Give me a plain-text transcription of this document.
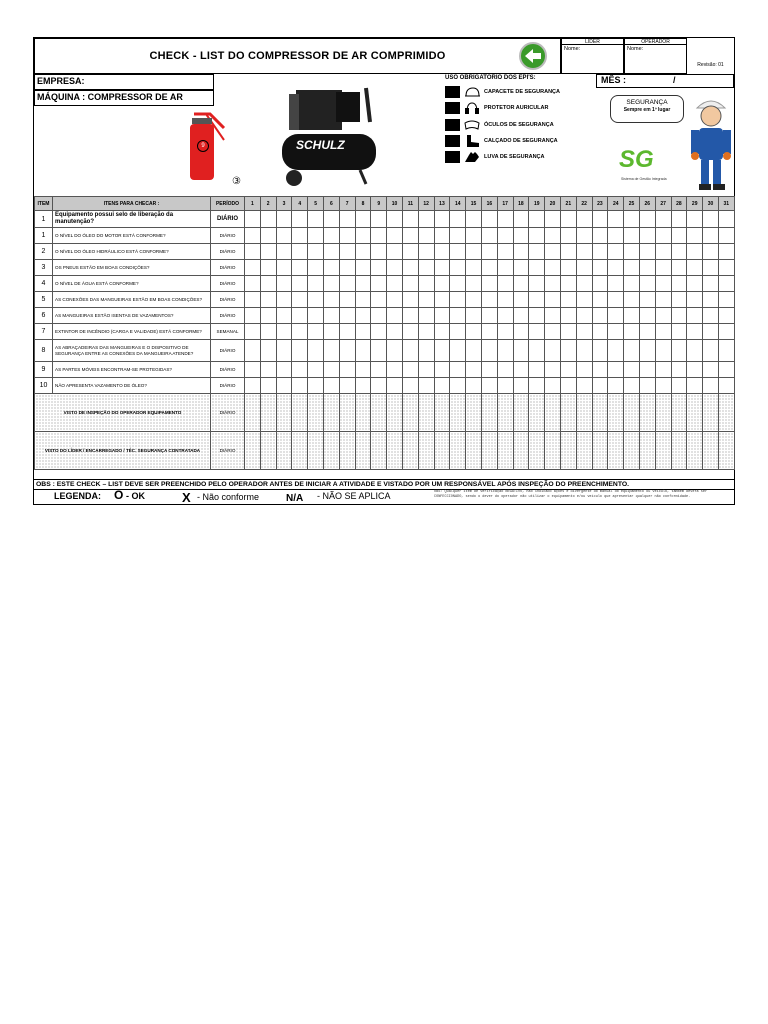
CHECK - LIST DO COMPRESSOR DE AR COMPRIMIDO
LÍDER	OPERADOR
Nome:	Nome:
Revisão: 01
EMPRESA:
MÁQUINA : COMPRESSOR DE AR
9
③
SCHULZ
USO OBRIGATÓRIO DOS EPI'S:
CAPACETE DE SEGURANÇA
PROTETOR AURICULAR
ÓCULOS DE SEGURANÇA
CALÇADO DE SEGURANÇA
LUVA DE SEGURANÇA
MÊS :	/
SEGURANÇA
Sempre em 1º lugar
SG
Sistema de Gestão Integrada
ITEM	ITENS PARA CHECAR :	PERÍODO	1	2	3	4	5	6	7	8	9	10	11	12	13	14	15	16	17	18	19	20	21	22	23	24	25	26	27	28	29	30	31
1	Equipamento possui selo de liberação da manutenção?	DIÁRIO																															
1	O NÍVEL DO ÓLEO DO MOTOR ESTÁ CONFORME?	DIÁRIO																															
2	O NÍVEL DO ÓLEO HIDRÁULICO ESTÁ CONFORME?	DIÁRIO																															
3	OS PNEUS ESTÃO EM BOAS CONDIÇÕES?	DIÁRIO																															
4	O NÍVEL DE ÁGUA ESTÁ CONFORME?	DIÁRIO																															
5	AS CONEXÕES DAS MANGUEIRAS ESTÃO EM BOAS CONDIÇÕES?	DIÁRIO																															
6	AS MANGUEIRAS ESTÃO ISENTAS DE VAZAMENTOS?	DIÁRIO																															
7	EXTINTOR DE INCÊNDIO (CARGA E VALIDADE) ESTÁ CONFORME?	SEMANAL																															
8	AS ABRAÇADEIRAS DAS MANGUEIRAS E O DISPOSITIVO DE SEGURANÇA ENTRE AS CONEXÕES DA MANGUEIRA ATENDE?	DIÁRIO																															
9	AS PARTES MÓVEIS ENCONTRAM-SE PROTEGIDAS?	DIÁRIO																															
10	NÃO APRESENTA VAZAMENTO DE ÓLEO?	DIÁRIO																															
VISTO DE INSPEÇÃO DO OPERADOR EQUIPAMENTO		DIÁRIO																															
VISTO DO LÍDER / ENCARREGADO / TÉC. SEGURANÇA CONTRATADA		DIÁRIO																															
OBS : ESTE CHECK – LIST DEVE SER PREENCHIDO PELO OPERADOR ANTES DE INICIAR A ATIVIDADE E VISTADO POR UM RESPONSÁVEL APÓS INSPEÇÃO DO PREENCHIMENTO.
LEGENDA: O - OK	X - Não conforme	N/A - NÃO SE APLICA	OBS: Qualquer item de verificação NEGATIVO, não indicado ações e divergente do manual do equipamento ou veículo, tambem deverá ser CONFECCIONADO, sendo o dever do operador não utilizar o equipamento e/ou veículo que apresentar qualquer não conformidade.
